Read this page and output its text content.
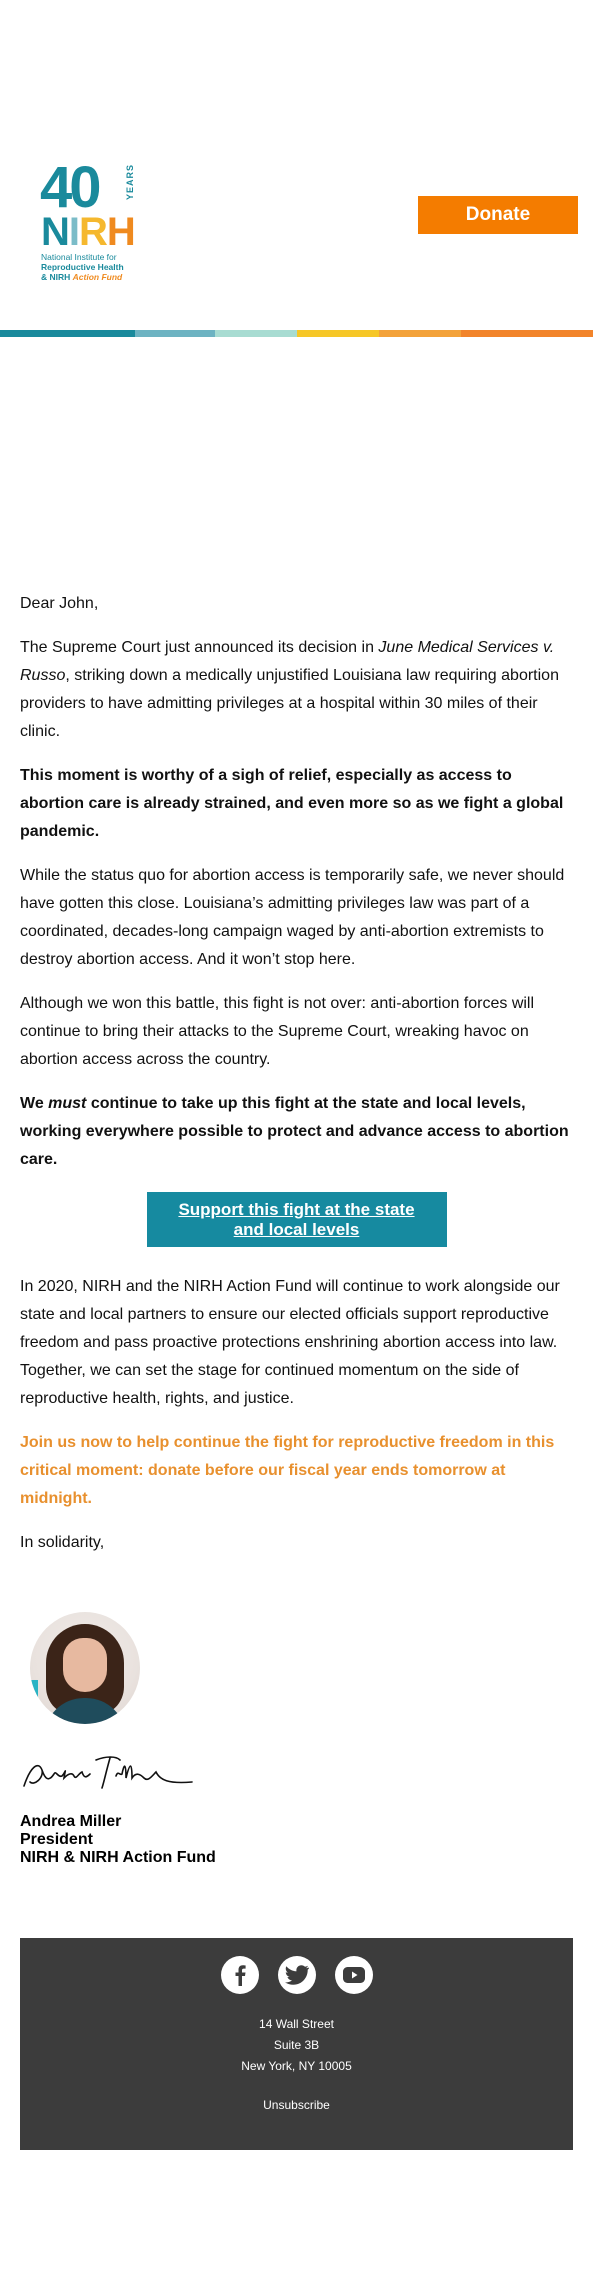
40	YEARS
NIRH
National Institute for
Reproductive Health
& NIRH Action Fund
Donate

Dear John,

The Supreme Court just announced its decision in June Medical Services v. Russo, striking down a medically unjustified Louisiana law requiring abortion providers to have admitting privileges at a hospital within 30 miles of their clinic.

This moment is worthy of a sigh of relief, especially as access to abortion care is already strained, and even more so as we fight a global pandemic.

While the status quo for abortion access is temporarily safe, we never should have gotten this close. Louisiana’s admitting privileges law was part of a coordinated, decades-long campaign waged by anti-abortion extremists to destroy abortion access. And it won’t stop here.

Although we won this battle, this fight is not over: anti-abortion forces will continue to bring their attacks to the Supreme Court, wreaking havoc on abortion access across the country.

We must continue to take up this fight at the state and local levels, working everywhere possible to protect and advance access to abortion care.

Support this fight at the state and local levels

In 2020, NIRH and the NIRH Action Fund will continue to work alongside our state and local partners to ensure our elected officials support reproductive freedom and pass proactive protections enshrining abortion access into law. Together, we can set the stage for continued momentum on the side of reproductive health, rights, and justice.

Join us now to help continue the fight for reproductive freedom in this critical moment: donate before our fiscal year ends tomorrow at midnight.

In solidarity,

Andrea Miller
President
NIRH & NIRH Action Fund
14 Wall Street
Suite 3B
New York, NY 10005
Unsubscribe
